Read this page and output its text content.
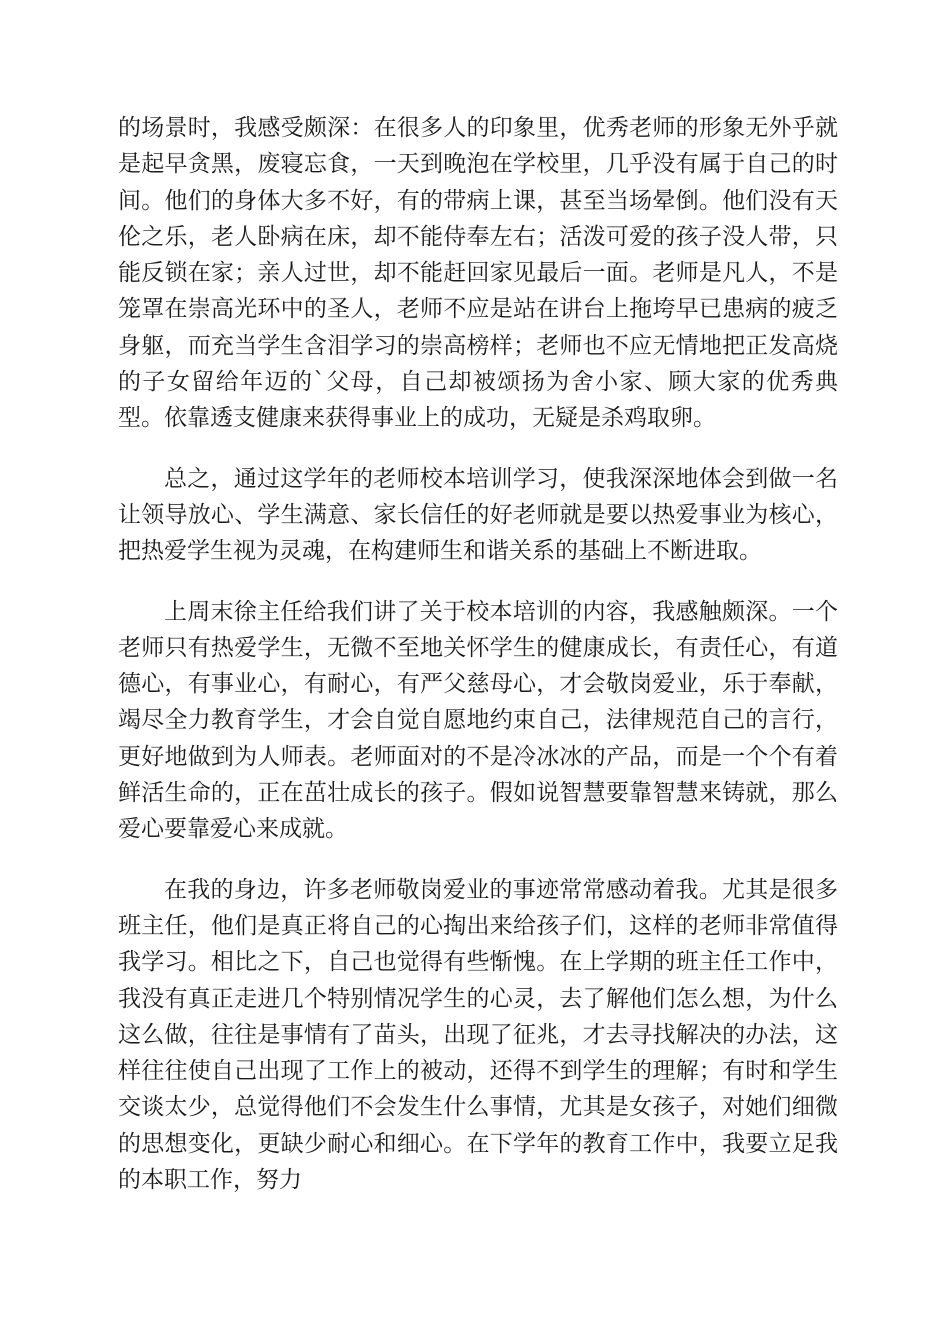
的场景时，我感受颇深：在很多人的印象里，优秀老师的形象无外乎就是起早贪黑，废寝忘食，一天到晚泡在学校里，几乎没有属于自己的时间。他们的身体大多不好，有的带病上课，甚至当场晕倒。他们没有天伦之乐，老人卧病在床，却不能侍奉左右；活泼可爱的孩子没人带，只能反锁在家；亲人过世，却不能赶回家见最后一面。老师是凡人，不是笼罩在崇高光环中的圣人，老师不应是站在讲台上拖垮早已患病的疲乏身躯，而充当学生含泪学习的崇高榜样；老师也不应无情地把正发高烧的子女留给年迈的`父母，自己却被颂扬为舍小家、顾大家的优秀典型。依靠透支健康来获得事业上的成功，无疑是杀鸡取卵。

总之，通过这学年的老师校本培训学习，使我深深地体会到做一名让领导放心、学生满意、家长信任的好老师就是要以热爱事业为核心，把热爱学生视为灵魂，在构建师生和谐关系的基础上不断进取。

上周末徐主任给我们讲了关于校本培训的内容，我感触颇深。一个老师只有热爱学生，无微不至地关怀学生的健康成长，有责任心，有道德心，有事业心，有耐心，有严父慈母心，才会敬岗爱业，乐于奉献，竭尽全力教育学生，才会自觉自愿地约束自己，法律规范自己的言行，更好地做到为人师表。老师面对的不是冷冰冰的产品，而是一个个有着鲜活生命的，正在茁壮成长的孩子。假如说智慧要靠智慧来铸就，那么爱心要靠爱心来成就。

在我的身边，许多老师敬岗爱业的事迹常常感动着我。尤其是很多班主任，他们是真正将自己的心掏出来给孩子们，这样的老师非常值得我学习。相比之下，自己也觉得有些惭愧。在上学期的班主任工作中，我没有真正走进几个特别情况学生的心灵，去了解他们怎么想，为什么这么做，往往是事情有了苗头，出现了征兆，才去寻找解决的办法，这样往往使自己出现了工作上的被动，还得不到学生的理解；有时和学生交谈太少，总觉得他们不会发生什么事情，尤其是女孩子，对她们细微的思想变化，更缺少耐心和细心。在下学年的教育工作中，我要立足我的本职工作，努力
